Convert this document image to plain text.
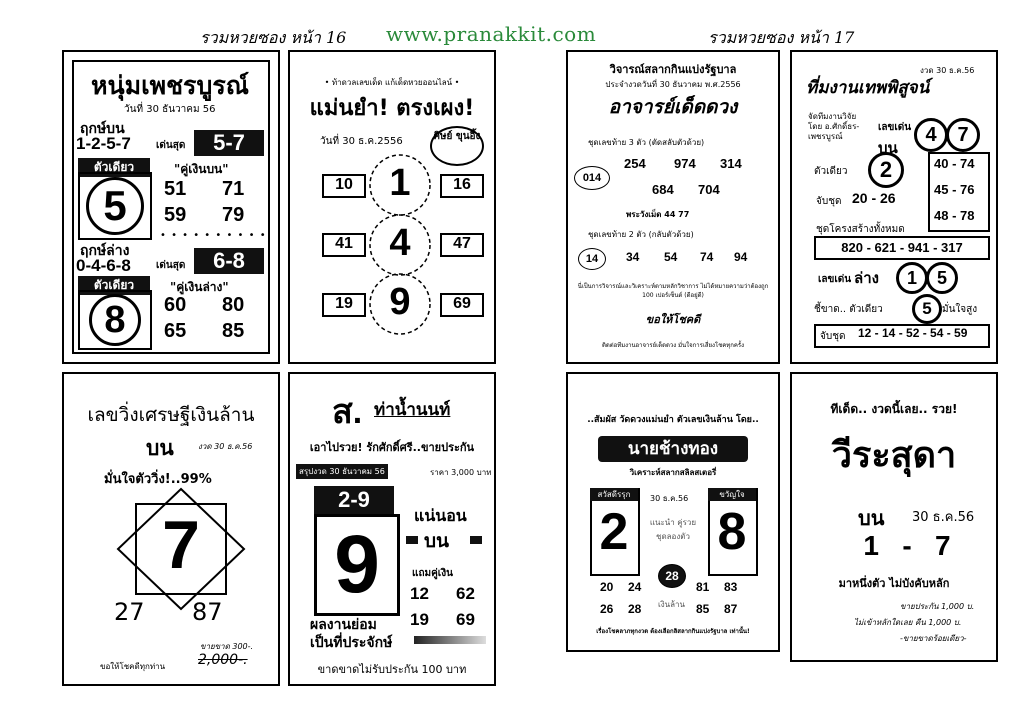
รวมหวยซอง หน้า 16 www.pranakkit.com	รวมหวยซอง หน้า 17
หนุ่มเพชรบูรณ์
วันที่ 30 ธันวาคม 56
ฤกษ์บน
1-2-5-7	เด่นสุด	5-7
ตัวเดียว
5
"คู่เงินบน"
51 71
59 79
• • • • • • • • • •
ฤกษ์ล่าง
0-4-6-8	เด่นสุด	6-8
ตัวเดียว
8
"คู่เงินล่าง"
60 80
65 85
• ท้าดวลเลขเด็ด แก้เด็ดหวยออนไลน์ •
แม่นยำ! ตรงเผง!
วันที่ 30 ธ.ค.2556	ศิษย์ ขุนอึ้ง
10
41
19
1
4
9
16
47
69
วิจารณ์สลากกินแบ่งรัฐบาล
ประจำงวดวันที่ 30 ธันวาคม พ.ศ.2556
อาจารย์เด็ดดวง
ชุดเลขท้าย 3 ตัว (ตัดสลับตัวด้วย)
014
254 974 314
684 704
พระวังเม็ด 44 77
ชุดเลขท้าย 2 ตัว (กลับตัวด้วย)
14	34 54 74 94
นี่เป็นการวิจารณ์และวิเคราะห์ตามหลักวิชาการ ไม่ได้หมายความว่าต้องถูก 100 เปอร์เซ็นต์ (ดีอยู่ดี)
ขอให้โชคดี
ติดต่อทีมงานอาจารย์เด็ดดวง มั่นใจการเสี่ยงโชคทุกครั้ง
งวด 30 ธ.ค.56
ที่มงานเทพพิสูจน์
จัดทีมงานวิจัยโดย อ.ศักดิ์ธร-เพชรบูรณ์
เลขเด่น
บน
4	7
ตัวเดียว	2
จับชุด 20 - 26
40 - 74
45 - 76
48 - 78
ชุดโครงสร้างทั้งหมด
820 - 621 - 941 - 317
เลขเด่น ล่าง	1	5
ชี้ขาด.. ตัวเดียว	5	มั่นใจสูง
จับชุด 12 - 14 - 52 - 54 - 59
เลขวิ่งเศรษฐีเงินล้าน
บน	งวด 30 ธ.ค.56
มั่นใจตัววิ่ง!..99%
7
27 87
ขายขาด 300-.
2,000-.
ขอให้โชคดีทุกท่าน
ส. ท่าน้ำนนท์
เอาไปรวย! รักศักดิ์ศรี..ขายประกัน
สรุปงวด 30 ธันวาคม 56	ราคา 3,000 บาท
2-9
9
แน่นอน
บน
แถมคู่เงิน
12 62
19 69
ผลงานย่อม
เป็นที่ประจักษ์
ขาดขาดไม่รับประกัน 100 บาท
..สัมผัส วัดดวงแม่นยำ ตัวเลขเงินล้าน โดย..
นายช้างทอง
วิเคราะห์สลากสลิลสเตอรี่
สวัสดีรรุก
2
30 ธ.ค.56
แนะนำ คู่รวย ชุดลองตัว
ขวัญใจ
8
28
20 24
26 28 เงินล้าน
81 83
85 87
เรื่องโชคลาภทุกงวด ต้องเลือกลิสลากกินแบ่งรัฐบาล เท่านั้น!
ทีเด็ด.. งวดนี้เลย.. รวย!
วีระสุดา
บน 30 ธ.ค.56
1   -   7
มาหนึ่งตัว ไม่บังคับหลัก
ขายประกัน 1,000 บ.
ไม่เข้าหลักใดเลย คืน 1,000 บ.
-ขายขาดร้อยเดียว-
